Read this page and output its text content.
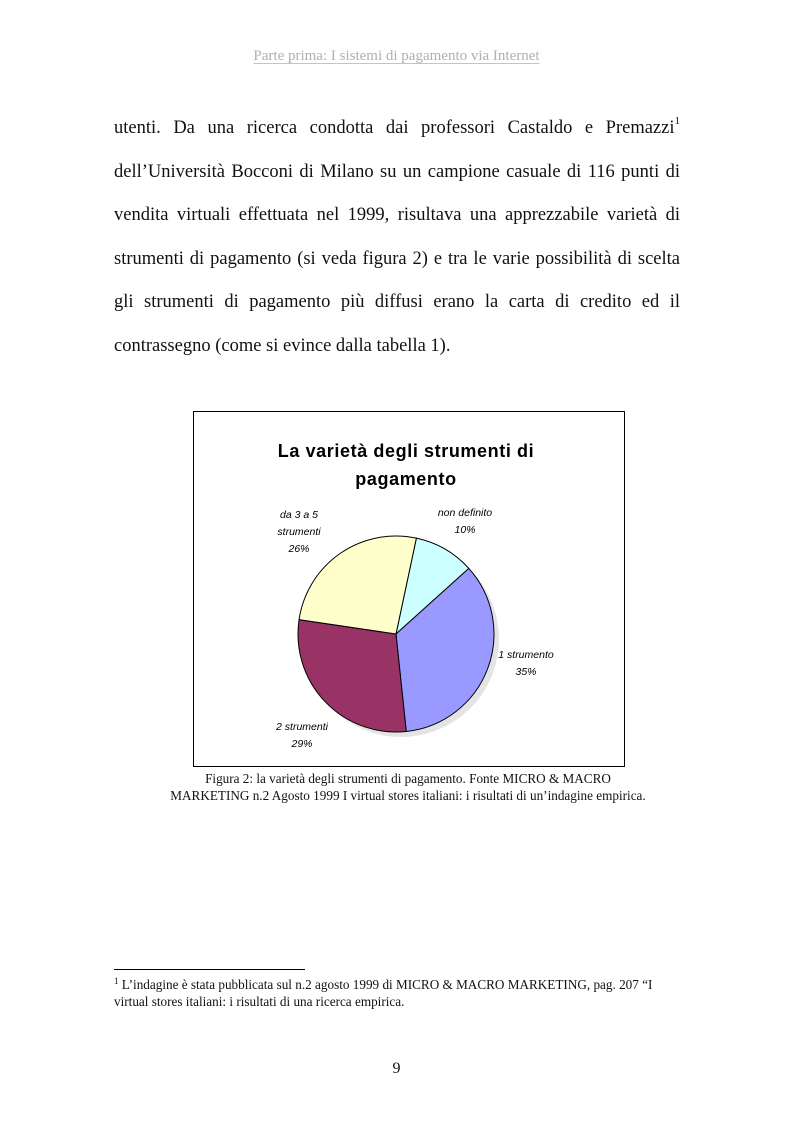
Parte prima: I sistemi di pagamento via Internet
utenti. Da una ricerca condotta dai professori Castaldo e Premazzi$^1$
dell’Università Bocconi di Milano su un campione casuale di 116 punti di
vendita virtuali effettuata nel 1999, risultava una apprezzabile varietà di
strumenti di pagamento (si veda figura 2) e tra le varie possibilità di scelta
gli strumenti di pagamento più diffusi erano la carta di credito ed il
contrassegno (come si evince dalla tabella 1).
La varietà degli strumenti di
pagamento
non definito
10%
1 strumento
35%
2 strumenti
29%
da 3 a 5
strumenti
26%
Figura 2: la varietà degli strumenti di pagamento. Fonte MICRO & MACRO
MARKETING n.2 Agosto 1999 I virtual stores italiani: i risultati di un’indagine empirica.
$^1$ L’indagine è stata pubblicata sul n.2 agosto 1999 di MICRO & MACRO MARKETING, pag. 207 “I
virtual stores italiani: i risultati di una ricerca empirica.
9
